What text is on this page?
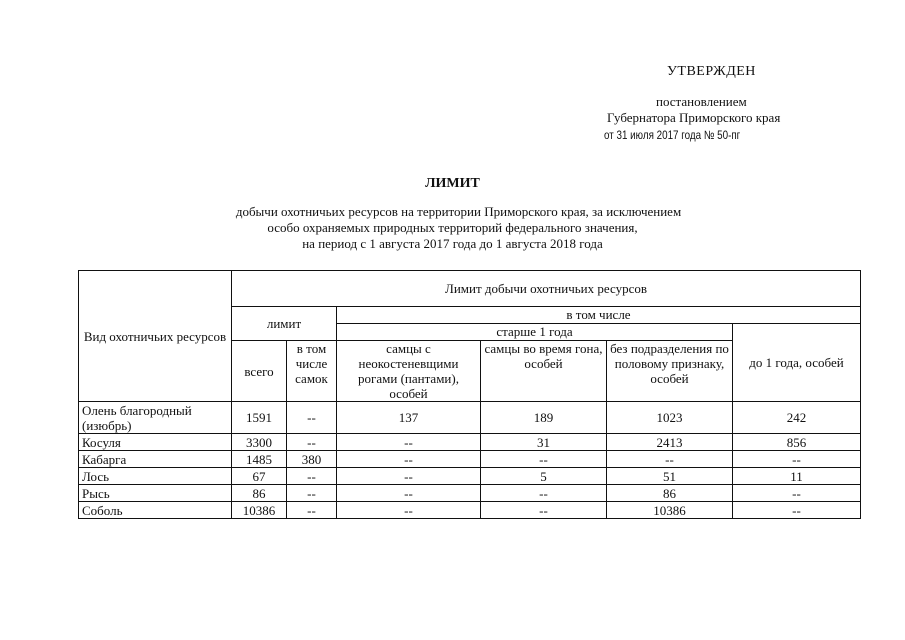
УТВЕРЖДЕН
постановлением
Губернатора Приморского края
от 31 июля 2017 года № 50-пг
ЛИМИТ
добычи охотничьих ресурсов на территории Приморского края, за исключением
особо охраняемых природных территорий федерального значения,
на период с 1 августа 2017 года до 1 августа 2018 года
Вид охотничьих ресурсов	Лимит добычи охотничьих ресурсов					
	лимит		в том числе			
			старше 1 года			до 1 года, особей
			самцы с неокостеневщими рогами (пантами), особей	самцы во время гона, особей	без подразделения по половому признаку, особей	
	всего	в том числе самок				
Олень благородный (изюбрь)	1591	--	137	189	1023	242
Косуля	3300	--	--	31	2413	856
Кабарга	1485	380	--	--	--	--
Лось	67	--	--	5	51	11
Рысь	86	--	--	--	86	--
Соболь	10386	--	--	--	10386	--
